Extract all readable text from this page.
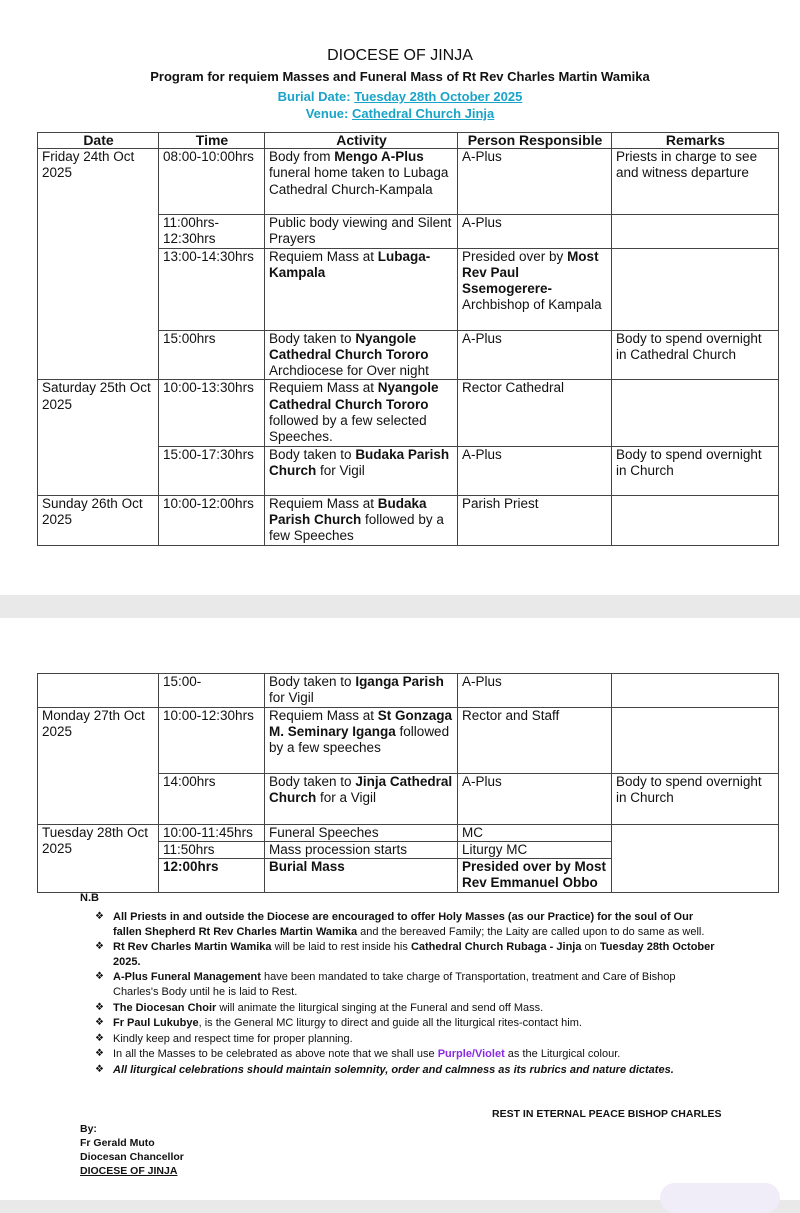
DIOCESE OF JINJA
Program for requiem Masses and Funeral Mass of Rt Rev Charles Martin Wamika
Burial Date: Tuesday 28th October 2025
Venue: Cathedral Church Jinja
Date	Time	Activity	Person Responsible	Remarks
Friday 24th Oct 2025	08:00-10:00hrs	Body from Mengo A-Plus funeral home taken to Lubaga Cathedral Church-Kampala	A-Plus	Priests in charge to see and witness departure
	11:00hrs-12:30hrs	Public body viewing and Silent Prayers	A-Plus	
	13:00-14:30hrs	Requiem Mass at Lubaga-Kampala	Presided over by Most Rev Paul Ssemogerere- Archbishop of Kampala	
	15:00hrs	Body taken to Nyangole Cathedral Church Tororo Archdiocese for Over night	A-Plus	Body to spend overnight in Cathedral Church
Saturday 25th Oct 2025	10:00-13:30hrs	Requiem Mass at Nyangole Cathedral Church Tororo followed by a few selected Speeches.	Rector Cathedral	
	15:00-17:30hrs	Body taken to Budaka Parish Church for Vigil	A-Plus	Body to spend overnight in Church
Sunday 26th Oct 2025	10:00-12:00hrs	Requiem Mass at Budaka Parish Church followed by a few Speeches	Parish Priest	
	15:00-	Body taken to Iganga Parish for Vigil	A-Plus	
Monday 27th Oct 2025	10:00-12:30hrs	Requiem Mass at St Gonzaga M. Seminary Iganga followed by a few speeches	Rector and Staff	
	14:00hrs	Body taken to Jinja Cathedral Church for a Vigil	A-Plus	Body to spend overnight in Church
Tuesday 28th Oct 2025	10:00-11:45hrs	Funeral Speeches	MC	
	11:50hrs	Mass procession starts	Liturgy MC	
	12:00hrs	Burial Mass	Presided over by Most Rev Emmanuel Obbo	
N.B
❖ All Priests in and outside the Diocese are encouraged to offer Holy Masses (as our Practice) for the soul of Our fallen Shepherd Rt Rev Charles Martin Wamika and the bereaved Family; the Laity are called upon to do same as well.
❖ Rt Rev Charles Martin Wamika will be laid to rest inside his Cathedral Church Rubaga - Jinja on Tuesday 28th October 2025.
❖ A-Plus Funeral Management have been mandated to take charge of Transportation, treatment and Care of Bishop Charles's Body until he is laid to Rest.
❖ The Diocesan Choir will animate the liturgical singing at the Funeral and send off Mass.
❖ Fr Paul Lukubye, is the General MC liturgy to direct and guide all the liturgical rites-contact him.
❖ Kindly keep and respect time for proper planning.
❖ In all the Masses to be celebrated as above note that we shall use Purple/Violet as the Liturgical colour.
❖ All liturgical celebrations should maintain solemnity, order and calmness as its rubrics and nature dictates.
REST IN ETERNAL PEACE BISHOP CHARLES
By:
Fr Gerald Muto
Diocesan Chancellor
DIOCESE OF JINJA
